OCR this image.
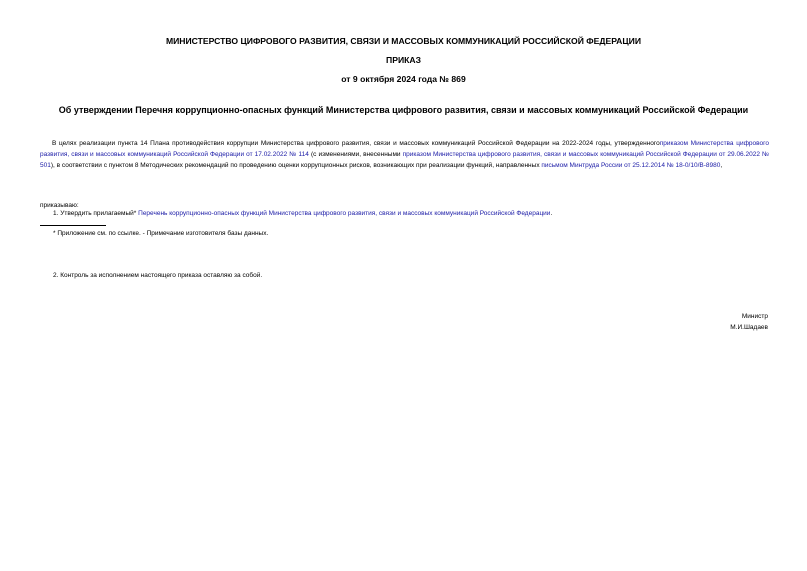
МИНИСТЕРСТВО ЦИФРОВОГО РАЗВИТИЯ, СВЯЗИ И МАССОВЫХ КОММУНИКАЦИЙ РОССИЙСКОЙ ФЕДЕРАЦИИ
ПРИКАЗ
от 9 октября 2024 года № 869
Об утверждении Перечня коррупционно-опасных функций Министерства цифрового развития, связи и массовых коммуникаций Российской Федерации
В целях реализации пункта 14 Плана противодействия коррупции Министерства цифрового развития, связи и массовых коммуникаций Российской Федерации на 2022-2024 годы, утвержденногоприказом Министерства цифрового развития, связи и массовых коммуникаций Российской Федерации от 17.02.2022 № 114 (с изменениями, внесенными приказом Министерства цифрового развития, связи и массовых коммуникаций Российской Федерации от 29.06.2022 № 501), в соответствии с пунктом 8 Методических рекомендаций по проведению оценки коррупционных рисков, возникающих при реализации функций, направленных письмом Минтруда России от 25.12.2014 № 18-0/10/В-8980,
приказываю:
1. Утвердить прилагаемый* Перечень коррупционно-опасных функций Министерства цифрового развития, связи и массовых коммуникаций Российской Федерации.
* Приложение см. по ссылке. - Примечание изготовителя базы данных.
2. Контроль за исполнением настоящего приказа оставляю за собой.
Министр
М.И.Шадаев
